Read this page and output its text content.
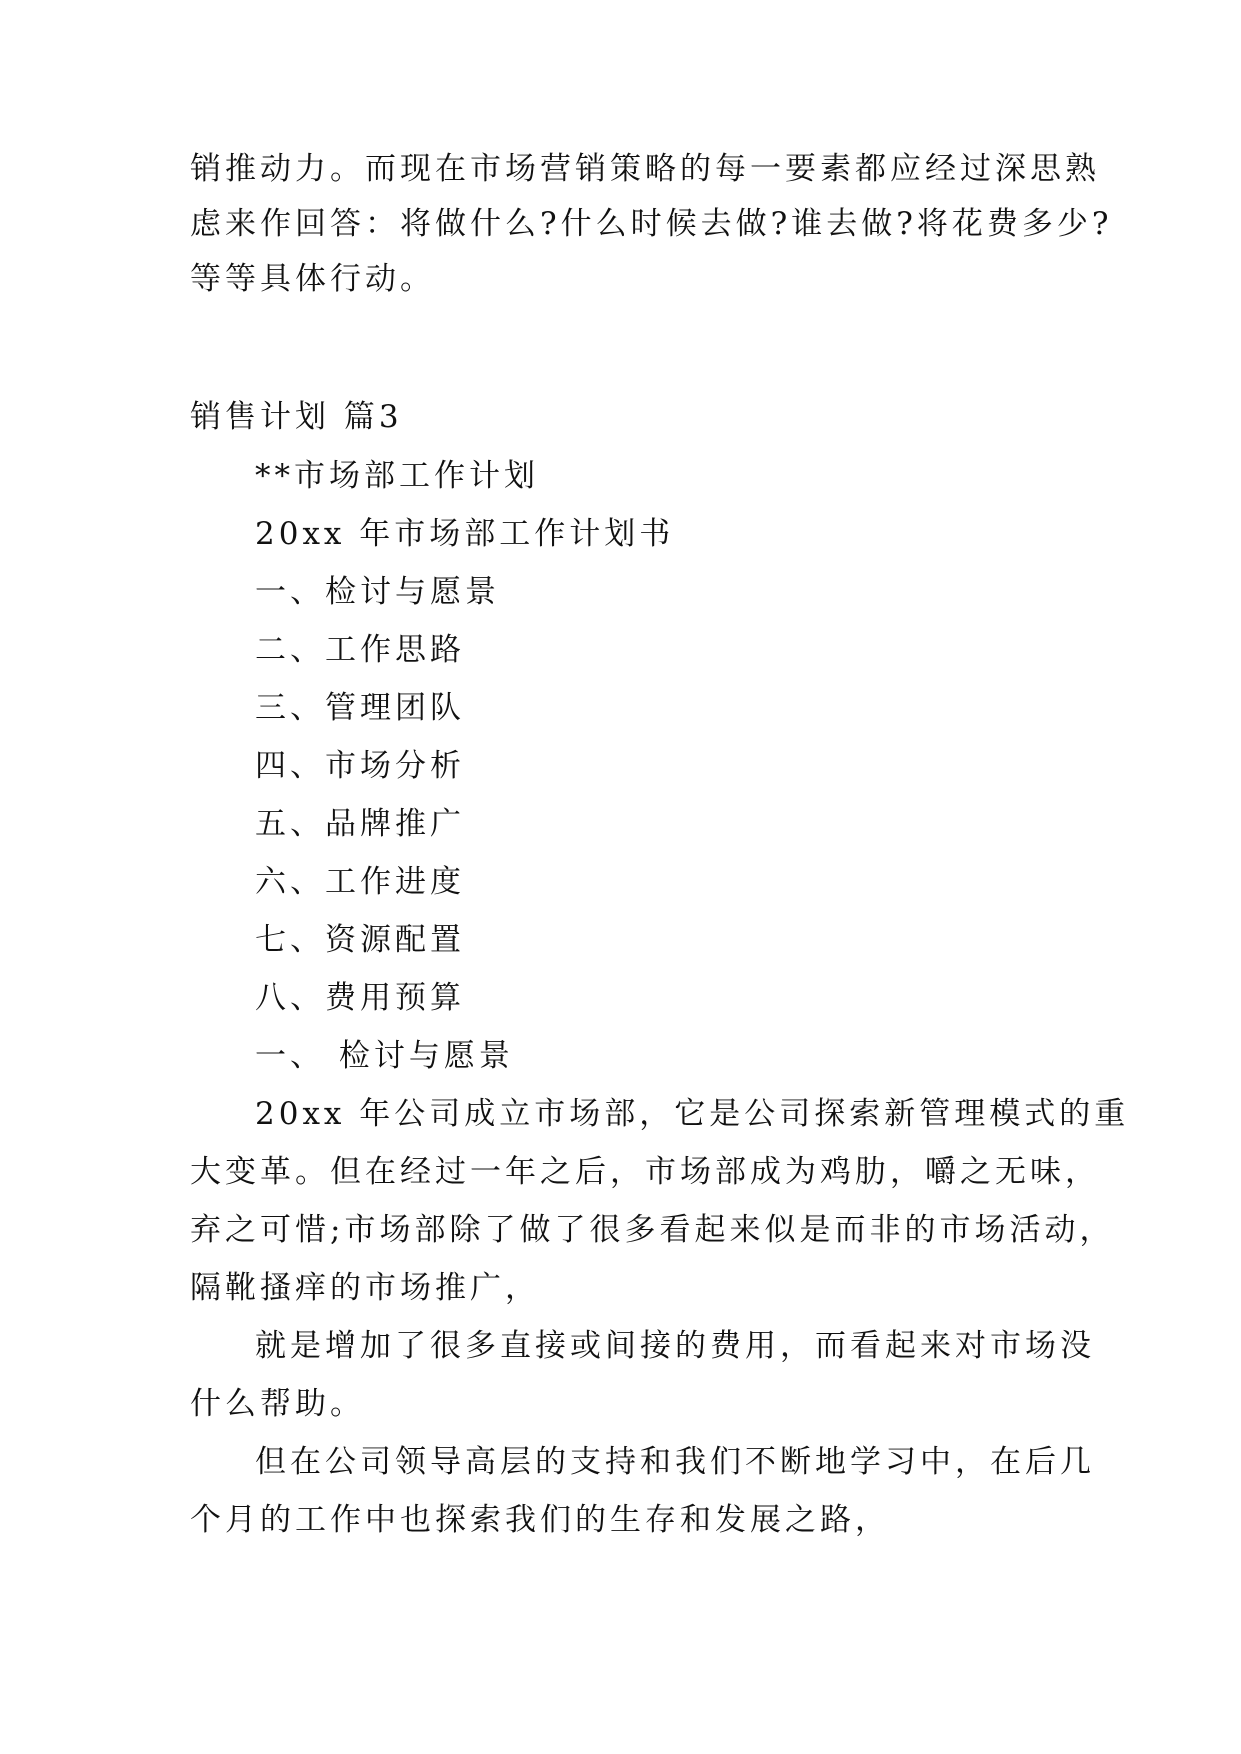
销推动力。而现在市场营销策略的每一要素都应经过深思熟
虑来作回答：将做什么?什么时候去做?谁去做?将花费多少?
等等具体行动。
销售计划 篇3
**市场部工作计划
20xx 年市场部工作计划书
一、检讨与愿景
二、工作思路
三、管理团队
四、市场分析
五、品牌推广
六、工作进度
七、资源配置
八、费用预算
一、 检讨与愿景
20xx 年公司成立市场部，它是公司探索新管理模式的重
大变革。但在经过一年之后，市场部成为鸡肋，嚼之无味，
弃之可惜;市场部除了做了很多看起来似是而非的市场活动，
隔靴搔痒的市场推广，
就是增加了很多直接或间接的费用，而看起来对市场没
什么帮助。
但在公司领导高层的支持和我们不断地学习中，在后几
个月的工作中也探索我们的生存和发展之路，
